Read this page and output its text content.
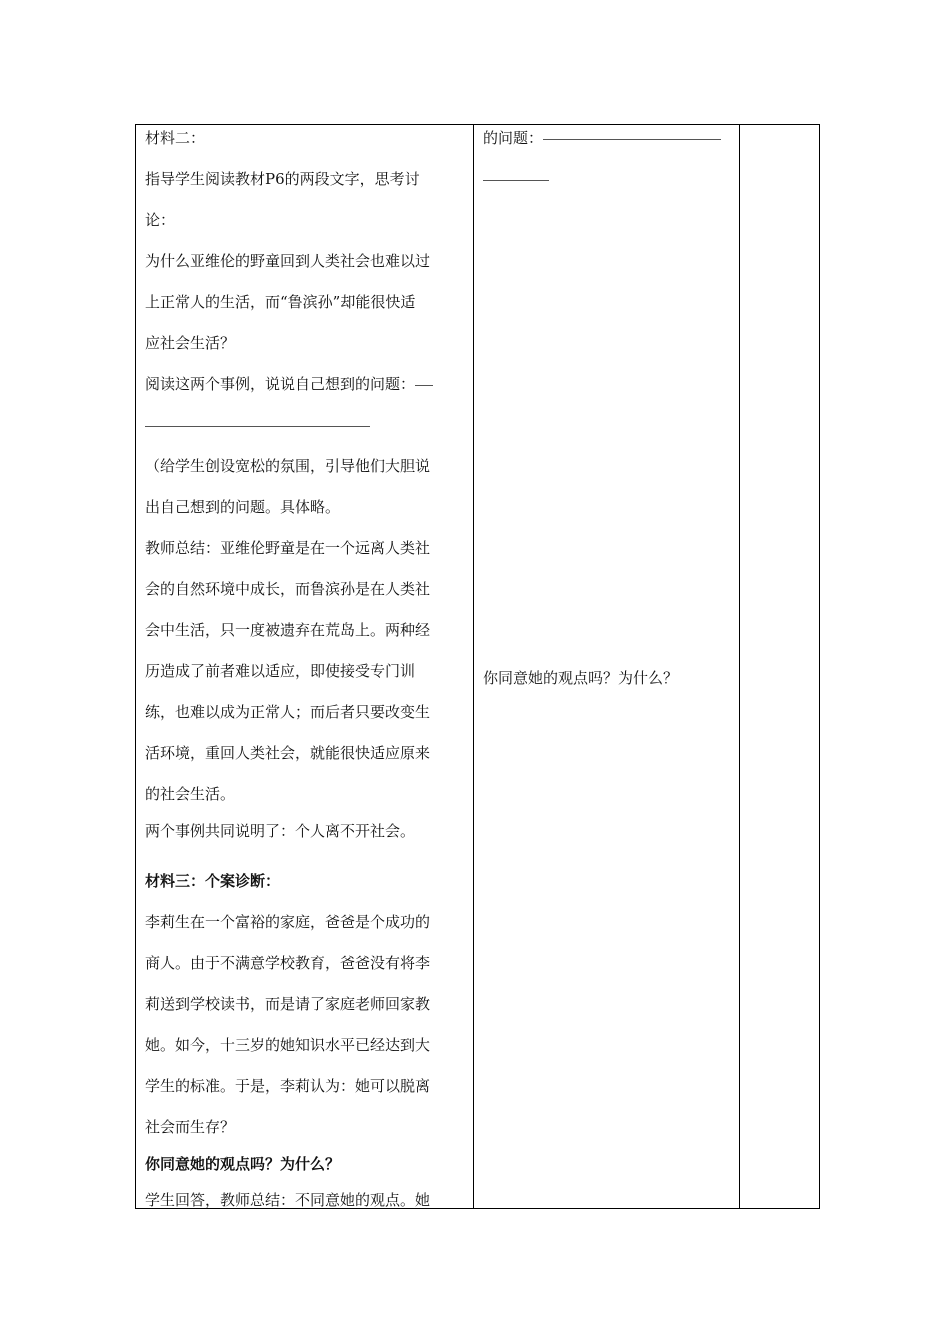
材料二：
指导学生阅读教材P6的两段文字，思考讨
论：
为什么亚维伦的野童回到人类社会也难以过
上正常人的生活，而“鲁滨孙”却能很快适
应社会生活？
阅读这两个事例，说说自己想到的问题：
（给学生创设宽松的氛围，引导他们大胆说
出自己想到的问题。具体略。
教师总结：亚维伦野童是在一个远离人类社
会的自然环境中成长，而鲁滨孙是在人类社
会中生活，只一度被遗弃在荒岛上。两种经
历造成了前者难以适应，即使接受专门训
练，也难以成为正常人；而后者只要改变生
活环境，重回人类社会，就能很快适应原来
的社会生活。
两个事例共同说明了：个人离不开社会。
材料三：个案诊断：
李莉生在一个富裕的家庭，爸爸是个成功的
商人。由于不满意学校教育，爸爸没有将李
莉送到学校读书，而是请了家庭老师回家教
她。如今，十三岁的她知识水平已经达到大
学生的标准。于是，李莉认为：她可以脱离
社会而生存？
你同意她的观点吗？为什么？
学生回答，教师总结：不同意她的观点。她
的问题：
你同意她的观点吗？为什么？
